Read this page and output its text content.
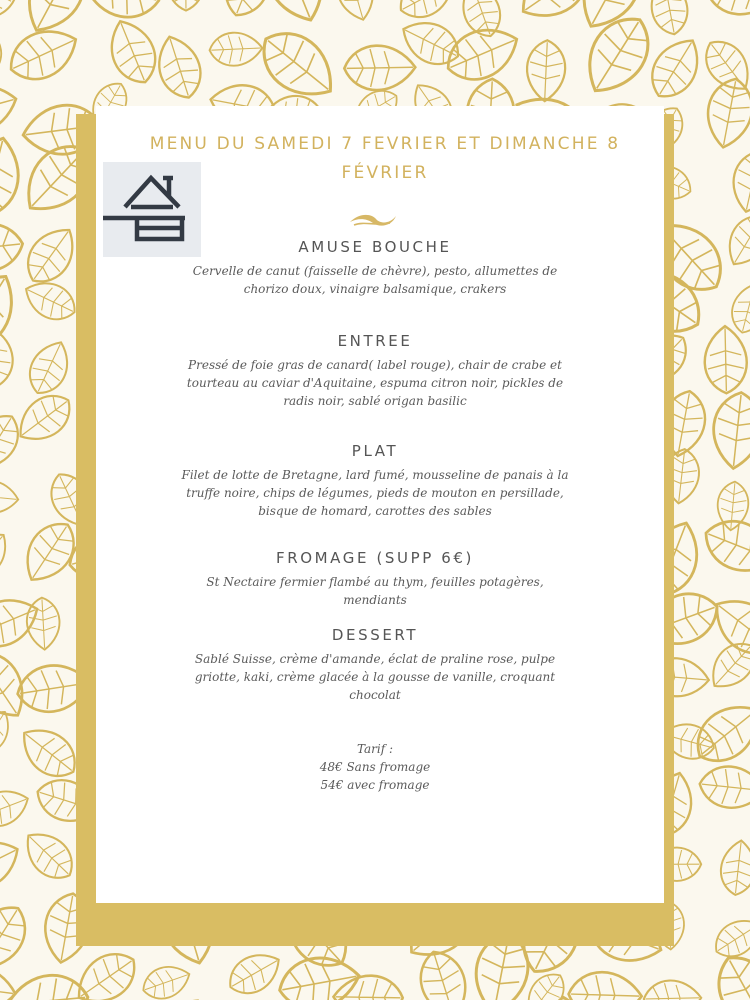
MENU DU SAMEDI 7 FEVRIER ET DIMANCHE 8 FÉVRIER
AMUSE BOUCHE

Cervelle de canut (faisselle de chèvre), pesto, allumettes de chorizo doux, vinaigre balsamique, crakers

ENTREE

Pressé de foie gras de canard( label rouge), chair de crabe et tourteau au caviar d'Aquitaine, espuma citron noir, pickles de radis noir, sablé origan basilic

PLAT

Filet de lotte de Bretagne, lard fumé, mousseline de panais à la truffe noire, chips de légumes, pieds de mouton en persillade, bisque de homard, carottes des sables

FROMAGE (SUPP 6€)

St Nectaire fermier flambé au thym, feuilles potagères, mendiants

DESSERT

Sablé Suisse, crème d'amande, éclat de praline rose, pulpe griotte, kaki, crème glacée à la gousse de vanille, croquant chocolat

Tarif :
48€ Sans fromage
54€ avec fromage
